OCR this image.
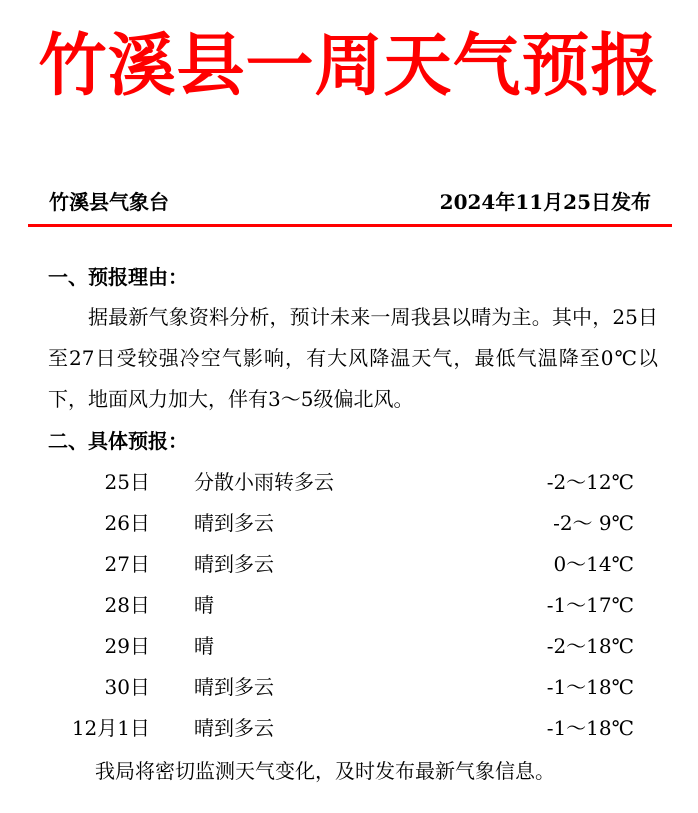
竹溪县一周天气预报
竹溪县气象台	2024年11月25日发布
一、预报理由：
据最新气象资料分析，预计未来一周我县以晴为主。其中，25日至27日受较强冷空气影响，有大风降温天气，最低气温降至0℃以下，地面风力加大，伴有3～5级偏北风。
二、具体预报：
25日 分散小雨转多云	-2～12℃
26日 晴到多云	-2～ 9℃
27日 晴到多云	0～14℃
28日 晴	-1～17℃
29日 晴	-2～18℃
30日 晴到多云	-1～18℃
12月1日 晴到多云	-1～18℃
我局将密切监测天气变化，及时发布最新气象信息。
